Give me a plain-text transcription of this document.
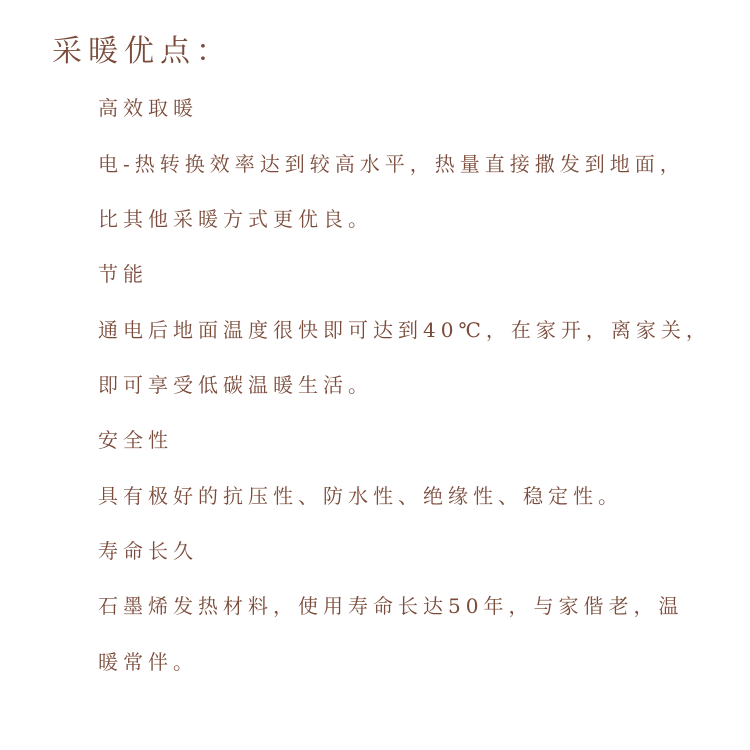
采暖优点：
高效取暖
电-热转换效率达到较高水平，热量直接撒发到地面，
比其他采暖方式更优良。
节能
通电后地面温度很快即可达到40℃，在家开，离家关，
即可享受低碳温暖生活。
安全性
具有极好的抗压性、防水性、绝缘性、稳定性。
寿命长久
石墨烯发热材料，使用寿命长达50年，与家偕老，温
暖常伴。
